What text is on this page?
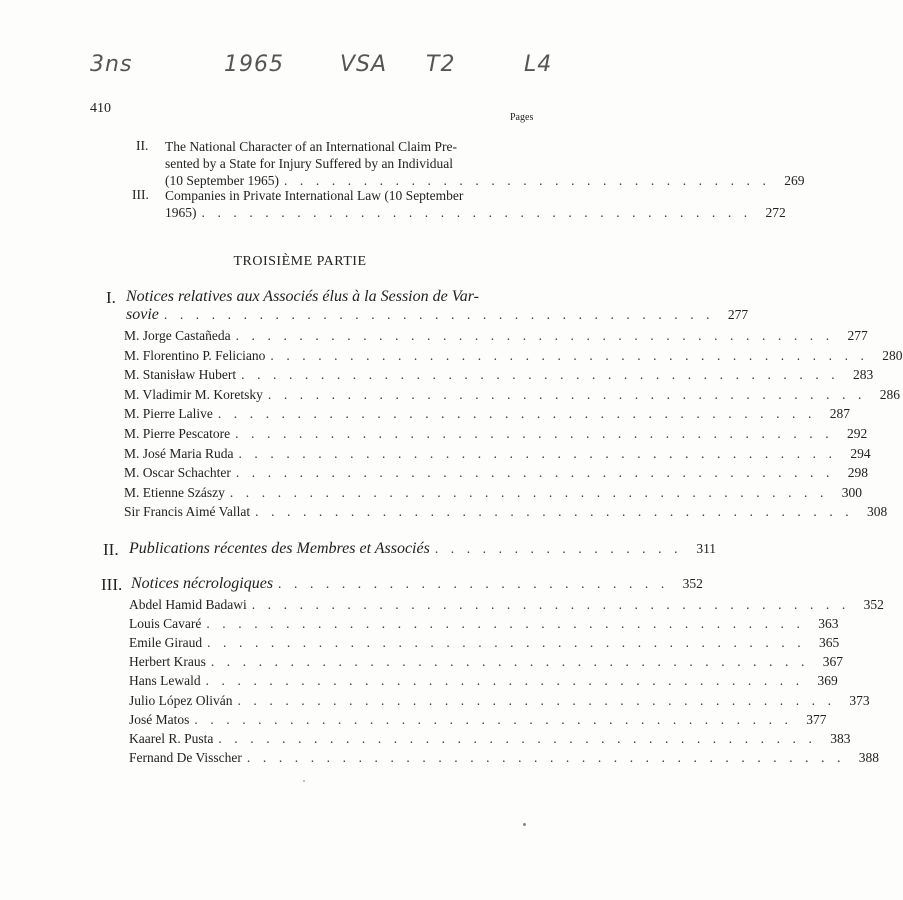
3ns	1965	VSA T2	L4
410
Pages
II. The National Character of an International Claim Pre-
sented by a State for Injury Suffered by an Individual
(10 September 1965) . . . . . . . . . . . . . . . . . . . . . . . . . . . . . . .	269
III. Companies in Private International Law (10 September
1965) . . . . . . . . . . . . . . . . . . . . . . . . . . . . . . . . . . .	272
TROISIÈME PARTIE
I. Notices relatives aux Associés élus à la Session de Var-
sovie . . . . . . . . . . . . . . . . . . . . . . . . . . . . . . . . . . .	277
M. Jorge Castañeda . . . . . . . . . . . . . . . . . . . . . . . . . . . . . . . . . . . . . .	277
M. Florentino P. Feliciano . . . . . . . . . . . . . . . . . . . . . . . . . . . . . . . . . . . . . .	280
M. Stanisław Hubert . . . . . . . . . . . . . . . . . . . . . . . . . . . . . . . . . . . . . .	283
M. Vladimir M. Koretsky . . . . . . . . . . . . . . . . . . . . . . . . . . . . . . . . . . . . . .	286
M. Pierre Lalive . . . . . . . . . . . . . . . . . . . . . . . . . . . . . . . . . . . . . .	287
M. Pierre Pescatore . . . . . . . . . . . . . . . . . . . . . . . . . . . . . . . . . . . . . .	292
M. José Maria Ruda . . . . . . . . . . . . . . . . . . . . . . . . . . . . . . . . . . . . . .	294
M. Oscar Schachter . . . . . . . . . . . . . . . . . . . . . . . . . . . . . . . . . . . . . .	298
M. Etienne Szászy . . . . . . . . . . . . . . . . . . . . . . . . . . . . . . . . . . . . . .	300
Sir Francis Aimé Vallat . . . . . . . . . . . . . . . . . . . . . . . . . . . . . . . . . . . . . .	308
II. Publications récentes des Membres et Associés . . . . . . . . . . . . . . . .	311
III. Notices nécrologiques . . . . . . . . . . . . . . . . . . . . . . . . .	352
Abdel Hamid Badawi . . . . . . . . . . . . . . . . . . . . . . . . . . . . . . . . . . . . . .	352
Louis Cavaré . . . . . . . . . . . . . . . . . . . . . . . . . . . . . . . . . . . . . .	363
Emile Giraud . . . . . . . . . . . . . . . . . . . . . . . . . . . . . . . . . . . . . .	365
Herbert Kraus . . . . . . . . . . . . . . . . . . . . . . . . . . . . . . . . . . . . . .	367
Hans Lewald . . . . . . . . . . . . . . . . . . . . . . . . . . . . . . . . . . . . . .	369
Julio López Oliván . . . . . . . . . . . . . . . . . . . . . . . . . . . . . . . . . . . . . .	373
José Matos . . . . . . . . . . . . . . . . . . . . . . . . . . . . . . . . . . . . . .	377
Kaarel R. Pusta . . . . . . . . . . . . . . . . . . . . . . . . . . . . . . . . . . . . . .	383
Fernand De Visscher . . . . . . . . . . . . . . . . . . . . . . . . . . . . . . . . . . . . . .	388
